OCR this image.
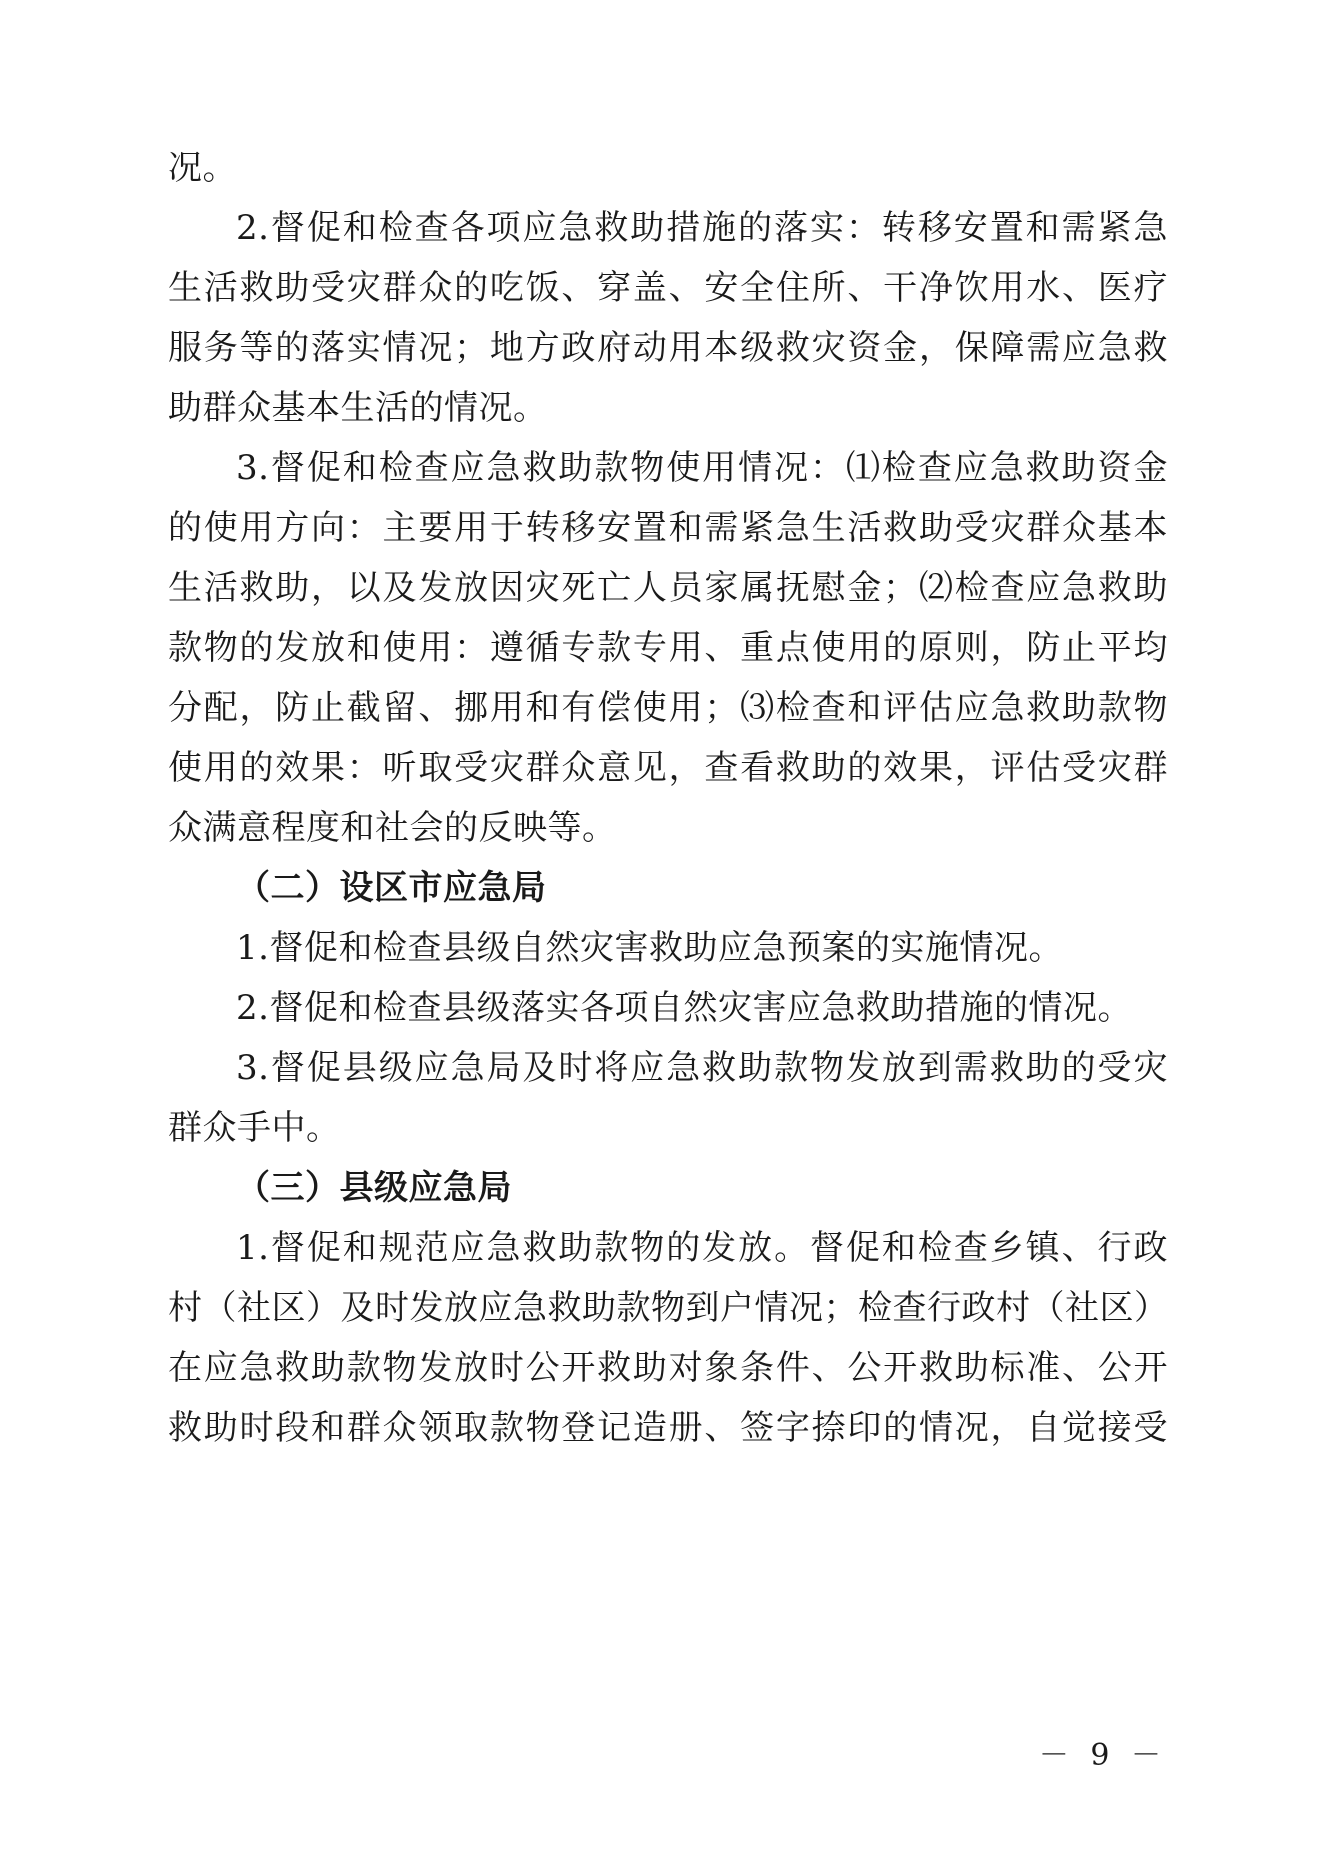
况。
2.督促和检查各项应急救助措施的落实：转移安置和需紧急
生活救助受灾群众的吃饭、穿盖、安全住所、干净饮用水、医疗
服务等的落实情况；地方政府动用本级救灾资金，保障需应急救
助群众基本生活的情况。
3.督促和检查应急救助款物使用情况：⑴检查应急救助资金
的使用方向：主要用于转移安置和需紧急生活救助受灾群众基本
生活救助，以及发放因灾死亡人员家属抚慰金；⑵检查应急救助
款物的发放和使用：遵循专款专用、重点使用的原则，防止平均
分配，防止截留、挪用和有偿使用；⑶检查和评估应急救助款物
使用的效果：听取受灾群众意见，查看救助的效果，评估受灾群
众满意程度和社会的反映等。
（二）设区市应急局
1.督促和检查县级自然灾害救助应急预案的实施情况。
2.督促和检查县级落实各项自然灾害应急救助措施的情况。
3.督促县级应急局及时将应急救助款物发放到需救助的受灾
群众手中。
（三）县级应急局
1.督促和规范应急救助款物的发放。督促和检查乡镇、行政
村（社区）及时发放应急救助款物到户情况；检查行政村（社区）
在应急救助款物发放时公开救助对象条件、公开救助标准、公开
救助时段和群众领取款物登记造册、签字捺印的情况，自觉接受
－ 9 －
